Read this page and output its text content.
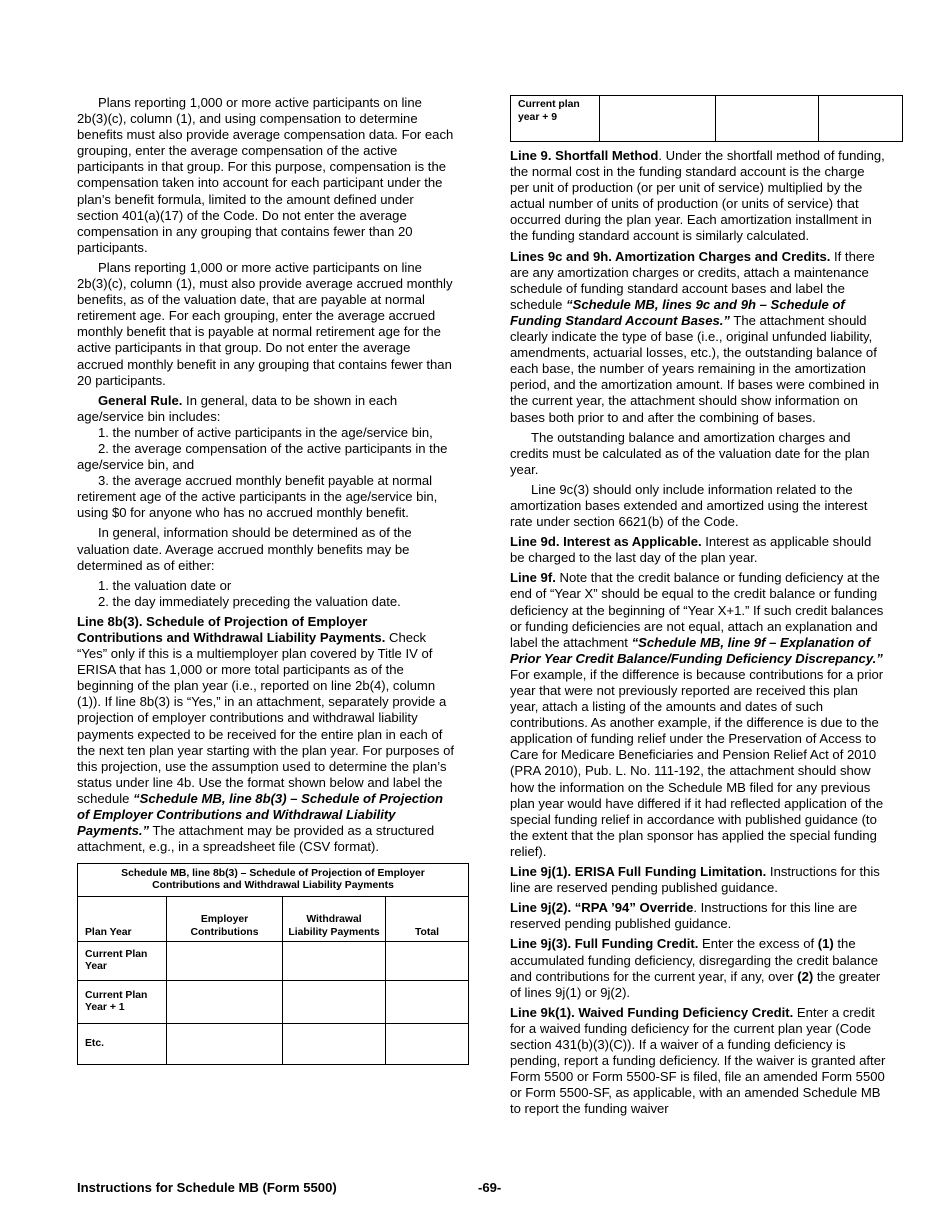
Plans reporting 1,000 or more active participants on line 2b(3)(c), column (1), and using compensation to determine benefits must also provide average compensation data. For each grouping, enter the average compensation of the active participants in that group. For this purpose, compensation is the compensation taken into account for each participant under the plan’s benefit formula, limited to the amount defined under section 401(a)(17) of the Code. Do not enter the average compensation in any grouping that contains fewer than 20 participants.

Plans reporting 1,000 or more active participants on line 2b(3)(c), column (1), must also provide average accrued monthly benefits, as of the valuation date, that are payable at normal retirement age. For each grouping, enter the average accrued monthly benefit that is payable at normal retirement age for the active participants in that group. Do not enter the average accrued monthly benefit in any grouping that contains fewer than 20 participants.

General Rule. In general, data to be shown in each age/service bin includes:

1. the number of active participants in the age/service bin,

2. the average compensation of the active participants in the age/service bin, and

3. the average accrued monthly benefit payable at normal retirement age of the active participants in the age/service bin, using $0 for anyone who has no accrued monthly benefit.

In general, information should be determined as of the valuation date. Average accrued monthly benefits may be determined as of either:

1. the valuation date or

2. the day immediately preceding the valuation date.

Line 8b(3). Schedule of Projection of Employer Contributions and Withdrawal Liability Payments. Check “Yes” only if this is a multiemployer plan covered by Title IV of ERISA that has 1,000 or more total participants as of the beginning of the plan year (i.e., reported on line 2b(4), column (1)). If line 8b(3) is “Yes,” in an attachment, separately provide a projection of employer contributions and withdrawal liability payments expected to be received for the entire plan in each of the next ten plan year starting with the plan year. For purposes of this projection, use the assumption used to determine the plan’s status under line 4b. Use the format shown below and label the schedule “Schedule MB, line 8b(3) – Schedule of Projection of Employer Contributions and Withdrawal Liability Payments.” The attachment may be provided as a structured attachment, e.g., in a spreadsheet file (CSV format).

Schedule MB, line 8b(3) – Schedule of Projection of Employer Contributions and Withdrawal Liability Payments			
Plan Year	Employer Contributions	Withdrawal Liability Payments	Total
Current Plan Year			
Current Plan Year + 1			
Etc.			
Current plan year + 9			

Line 9. Shortfall Method. Under the shortfall method of funding, the normal cost in the funding standard account is the charge per unit of production (or per unit of service) multiplied by the actual number of units of production (or units of service) that occurred during the plan year. Each amortization installment in the funding standard account is similarly calculated.

Lines 9c and 9h. Amortization Charges and Credits. If there are any amortization charges or credits, attach a maintenance schedule of funding standard account bases and label the schedule “Schedule MB, lines 9c and 9h – Schedule of Funding Standard Account Bases.” The attachment should clearly indicate the type of base (i.e., original unfunded liability, amendments, actuarial losses, etc.), the outstanding balance of each base, the number of years remaining in the amortization period, and the amortization amount. If bases were combined in the current year, the attachment should show information on bases both prior to and after the combining of bases.

The outstanding balance and amortization charges and credits must be calculated as of the valuation date for the plan year.

Line 9c(3) should only include information related to the amortization bases extended and amortized using the interest rate under section 6621(b) of the Code.

Line 9d. Interest as Applicable. Interest as applicable should be charged to the last day of the plan year.

Line 9f. Note that the credit balance or funding deficiency at the end of “Year X” should be equal to the credit balance or funding deficiency at the beginning of “Year X+1.” If such credit balances or funding deficiencies are not equal, attach an explanation and label the attachment “Schedule MB, line 9f – Explanation of Prior Year Credit Balance/Funding Deficiency Discrepancy.” For example, if the difference is because contributions for a prior year that were not previously reported are received this plan year, attach a listing of the amounts and dates of such contributions. As another example, if the difference is due to the application of funding relief under the Preservation of Access to Care for Medicare Beneficiaries and Pension Relief Act of 2010 (PRA 2010), Pub. L. No. 111-192, the attachment should show how the information on the Schedule MB filed for any previous plan year would have differed if it had reflected application of the special funding relief in accordance with published guidance (to the extent that the plan sponsor has applied the special funding relief).

Line 9j(1). ERISA Full Funding Limitation. Instructions for this line are reserved pending published guidance.

Line 9j(2). “RPA ’94” Override. Instructions for this line are reserved pending published guidance.

Line 9j(3). Full Funding Credit. Enter the excess of (1) the accumulated funding deficiency, disregarding the credit balance and contributions for the current year, if any, over (2) the greater of lines 9j(1) or 9j(2).

Line 9k(1). Waived Funding Deficiency Credit. Enter a credit for a waived funding deficiency for the current plan year (Code section 431(b)(3)(C)). If a waiver of a funding deficiency is pending, report a funding deficiency. If the waiver is granted after Form 5500 or Form 5500-SF is filed, file an amended Form 5500 or Form 5500-SF, as applicable, with an amended Schedule MB to report the funding waiver

Instructions for Schedule MB (Form 5500)	-69-
